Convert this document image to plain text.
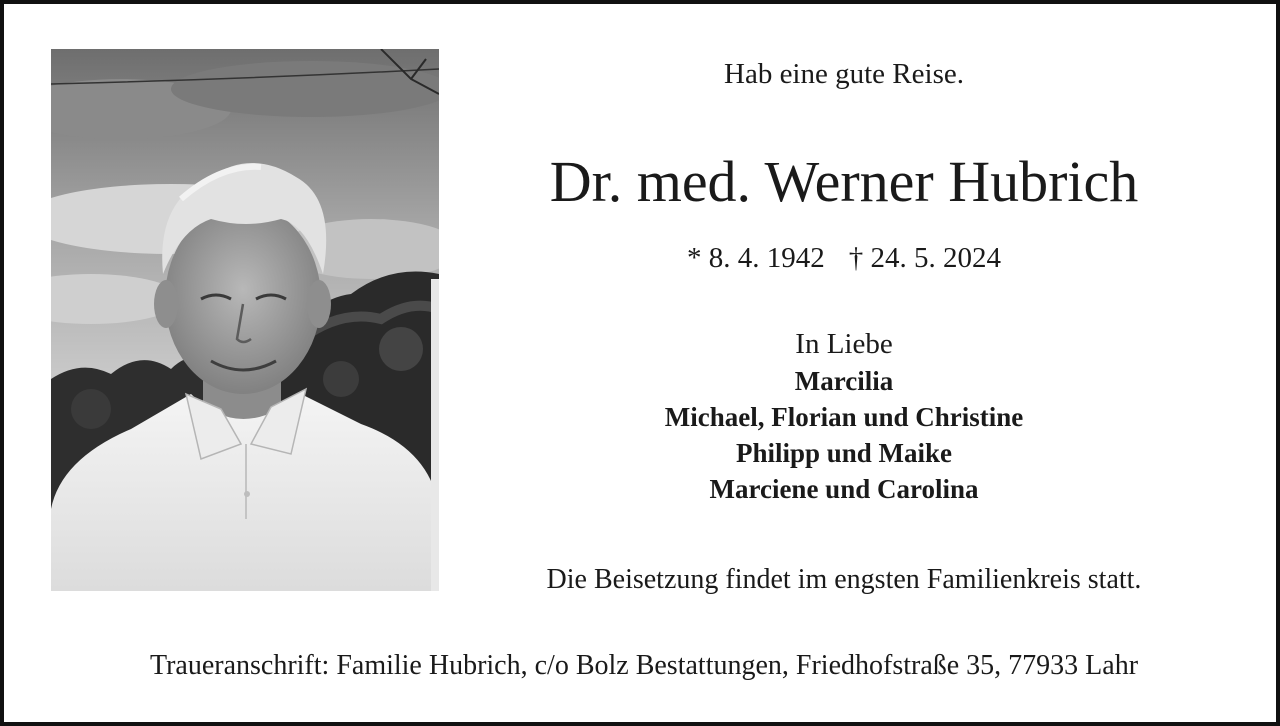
Hab eine gute Reise.
Dr. med. Werner Hubrich
* 8. 4. 1942 † 24. 5. 2024
In Liebe
Marcilia
Michael, Florian und Christine
Philipp und Maike
Marciene und Carolina
Die Beisetzung findet im engsten Familienkreis statt.
Traueranschrift: Familie Hubrich, c/o Bolz Bestattungen, Friedhofstraße 35, 77933 Lahr
